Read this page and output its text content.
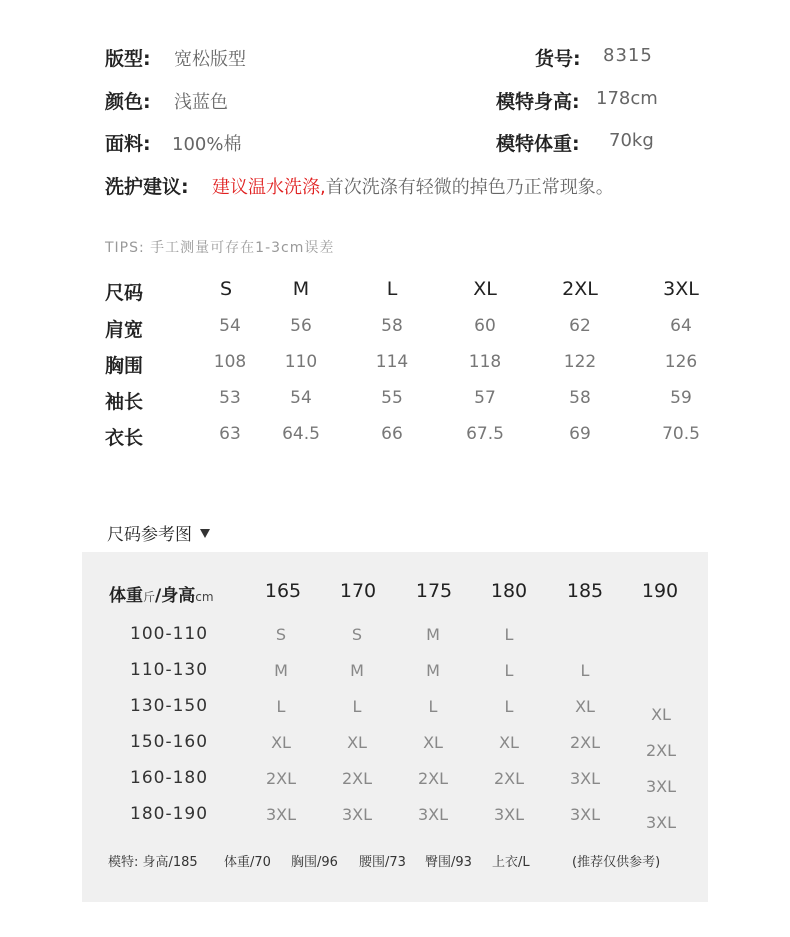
版型: 宽松版型	货号: 8315
颜色: 浅蓝色	模特身高: 178cm
面料: 100%棉	模特体重: 70kg
洗护建议: 建议温水洗涤,首次洗涤有轻微的掉色乃正常现象。
TIPS: 手工测量可存在1-3cm误差
尺码	S	M	L	XL	2XL	3XL
肩宽	54	56	58	60	62	64
胸围	108	110	114	118	122	126
袖长	53	54	55	57	58	59
衣长	63	64.5	66	67.5	69	70.5
尺码参考图
体重斤/身高cm	165	170	175	180	185	190
100-110	S	S	M	L
110-130	M	M	M	L	L
130-150	L	L	L	L	XL	XL
150-160	XL	XL	XL	XL	2XL	2XL
160-180	2XL	2XL	2XL	2XL	3XL	3XL
180-190	3XL	3XL	3XL	3XL	3XL	3XL
模特: 身高/185 体重/70 胸围/96 腰围/73 臀围/93 上衣/L	(推荐仅供参考)
